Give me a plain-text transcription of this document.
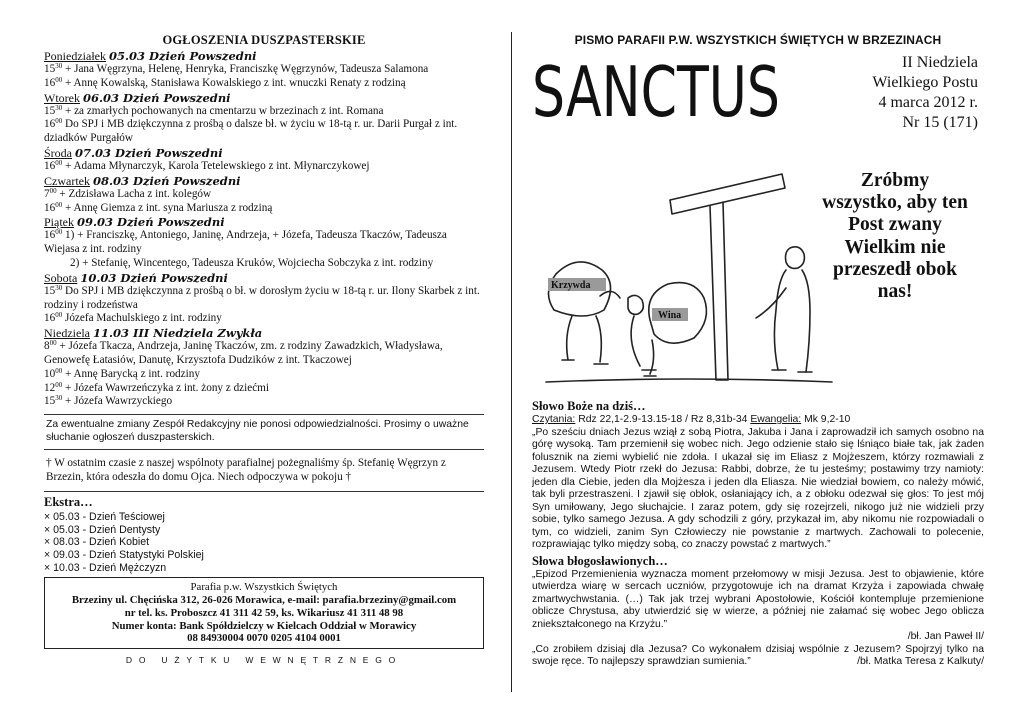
OGŁOSZENIA DUSZPASTERSKIE
Poniedziałek 05.03 Dzień Powszedni
$15^{30}$ + Jana Węgrzyna, Helenę, Henryka, Franciszkę Węgrzynów, Tadeusza Salamona
$16^{00}$ + Annę Kowalską, Stanisława Kowalskiego z int. wnuczki Renaty z rodziną
Wtorek 06.03 Dzień Powszedni
$15^{30}$ + za zmarłych pochowanych na cmentarzu w brzezinach z int. Romana
$16^{00}$ Do SPJ i MB dziękczynna z prośbą o dalsze bł. w życiu w 18-tą r. ur. Darii Purgał z int. dziadków Purgałów
Środa 07.03 Dzień Powszedni
$16^{00}$ + Adama Młynarczyk, Karola Tetelewskiego z int. Młynarczykowej
Czwartek 08.03 Dzień Powszedni
$7^{00}$ + Zdzisława Lacha z int. kolegów
$16^{00}$ + Annę Giemza z int. syna Mariusza z rodziną
Piątek 09.03 Dzień Powszedni
$16^{00}$ 1) + Franciszkę, Antoniego, Janinę, Andrzeja, + Józefa, Tadeusza Tkaczów, Tadeusza Wiejasa z int. rodziny
2) + Stefanię, Wincentego, Tadeusza Kruków, Wojciecha Sobczyka z int. rodziny
Sobota 10.03 Dzień Powszedni
$15^{30}$ Do SPJ i MB dziękczynna z prośbą o bł. w dorosłym życiu w 18-tą r. ur. Ilony Skarbek z int. rodziny i rodzeństwa
$16^{00}$ Józefa Machulskiego z int. rodziny
Niedziela 11.03 III Niedziela Zwykła
$8^{00}$ + Józefa Tkacza, Andrzeja, Janinę Tkaczów, zm. z rodziny Zawadzkich, Władysława, Genowefę Łatasiów, Danutę, Krzysztofa Dudzików z int. Tkaczowej
$10^{00}$ + Annę Barycką z int. rodziny
$12^{00}$ + Józefa Wawrzeńczyka z int. żony z dziećmi
$15^{30}$ + Józefa Wawrzyckiego
Za ewentualne zmiany Zespół Redakcyjny nie ponosi odpowiedzialności. Prosimy o uważne słuchanie ogłoszeń duszpasterskich.
† W ostatnim czasie z naszej wspólnoty parafialnej pożegnaliśmy śp. Stefanię Węgrzyn z Brzezin, która odeszła do domu Ojca. Niech odpoczywa w pokoju †
Ekstra…
× 05.03 - Dzień Teściowej
× 05.03 - Dzień Dentysty
× 08.03 - Dzień Kobiet
× 09.03 - Dzień Statystyki Polskiej
× 10.03 - Dzień Mężczyzn
Parafia p.w. Wszystkich Świętych
Brzeziny ul. Chęcińska 312, 26-026 Morawica, e-mail: parafia.brzeziny@gmail.com
nr tel. ks. Proboszcz 41 311 42 59, ks. Wikariusz 41 311 48 98
Numer konta: Bank Spółdzielczy w Kielcach Oddział w Morawicy
08 84930004 0070 0205 4104 0001
DO UŻYTKU WEWNĘTRZNEGO
PISMO PARAFII P.W. WSZYSTKICH ŚWIĘTYCH W BRZEZINACH
SANCTUS	II Niedziela
Wielkiego Postu
4 marca 2012 r.
Nr 15 (171)
Krzywda
Wina
Zróbmy wszystko, aby ten Post zwany Wielkim nie przeszedł obok nas!
Słowo Boże na dziś…
Czytania: Rdz 22,1-2.9-13.15-18 / Rz 8,31b-34 Ewangelia: Mk 9,2-10
„Po sześciu dniach Jezus wziął z sobą Piotra, Jakuba i Jana i zaprowadził ich samych osobno na górę wysoką. Tam przemienił się wobec nich. Jego odzienie stało się lśniąco białe tak, jak żaden folusznik na ziemi wybielić nie zdoła. I ukazał się im Eliasz z Mojżeszem, którzy rozmawiali z Jezusem. Wtedy Piotr rzekł do Jezusa: Rabbi, dobrze, że tu jesteśmy; postawimy trzy namioty: jeden dla Ciebie, jeden dla Mojżesza i jeden dla Eliasza. Nie wiedział bowiem, co należy mówić, tak byli przestraszeni. I zjawił się obłok, osłaniający ich, a z obłoku odezwał się głos: To jest mój Syn umiłowany, Jego słuchajcie. I zaraz potem, gdy się rozejrzeli, nikogo już nie widzieli przy sobie, tylko samego Jezusa. A gdy schodzili z góry, przykazał im, aby nikomu nie rozpowiadali o tym, co widzieli, zanim Syn Człowieczy nie powstanie z martwych. Zachowali to polecenie, rozprawiając tylko między sobą, co znaczy powstać z martwych.”
Słowa błogosławionych…
„Epizod Przemienienia wyznacza moment przełomowy w misji Jezusa. Jest to objawienie, które utwierdza wiarę w sercach uczniów, przygotowuje ich na dramat Krzyża i zapowiada chwałę zmartwychwstania. (…) Tak jak trzej wybrani Apostołowie, Kościół kontempluje przemienione oblicze Chrystusa, aby utwierdzić się w wierze, a później nie załamać się wobec Jego oblicza zniekształconego na Krzyżu.”
/bł. Jan Paweł II/
„Co zrobiłem dzisiaj dla Jezusa? Co wykonałem dzisiaj wspólnie z Jezusem? Spojrzyj tylko na swoje ręce. To najlepszy sprawdzian sumienia.”	/bł. Matka Teresa z Kalkuty/
